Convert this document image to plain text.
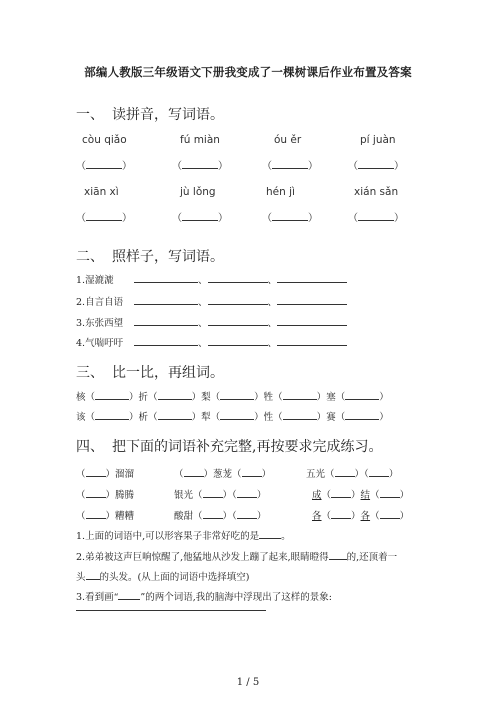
部编人教版三年级语文下册我变成了一棵树课后作业布置及答案
一、 读拼音，写词语。
còu qiǎo	fú miàn	óu ěr	pí juàn
（	）	（	）	（	）	（	）
xiān xì	jù lǒng	hén jì	xián sǎn
（	）	（	）	（	）	（	）
二、 照样子，写词语。
1.湿漉漉	、	、
2.自言自语	、	、
3.东张西望	、	、
4.气喘吁吁	、	、
三、 比一比，再组词。
核（	）折（	）梨（	）牲（	）塞（	）
该（	）析（	）犁（	）性（	）赛（	）
四、 把下面的词语补充完整,再按要求完成练习。
（ ）溜溜	（ ）葱茏（ ）	五光（ ）（ ）
（ ）腾腾	银光（ ）（ ）	成（ ）结（ ）
（ ）糟糟	酸甜（ ）（ ）	各（ ）各（ ）
1.上面的词语中,可以形容果子非常好吃的是 。
2.弟弟被这声巨响惊醒了,他猛地从沙发上蹦了起来,眼睛瞪得 的,还顶着一
头 的头发。(从上面的词语中选择填空)
3.看到画“ ”的两个词语,我的脑海中浮现出了这样的景象:
1 / 5
